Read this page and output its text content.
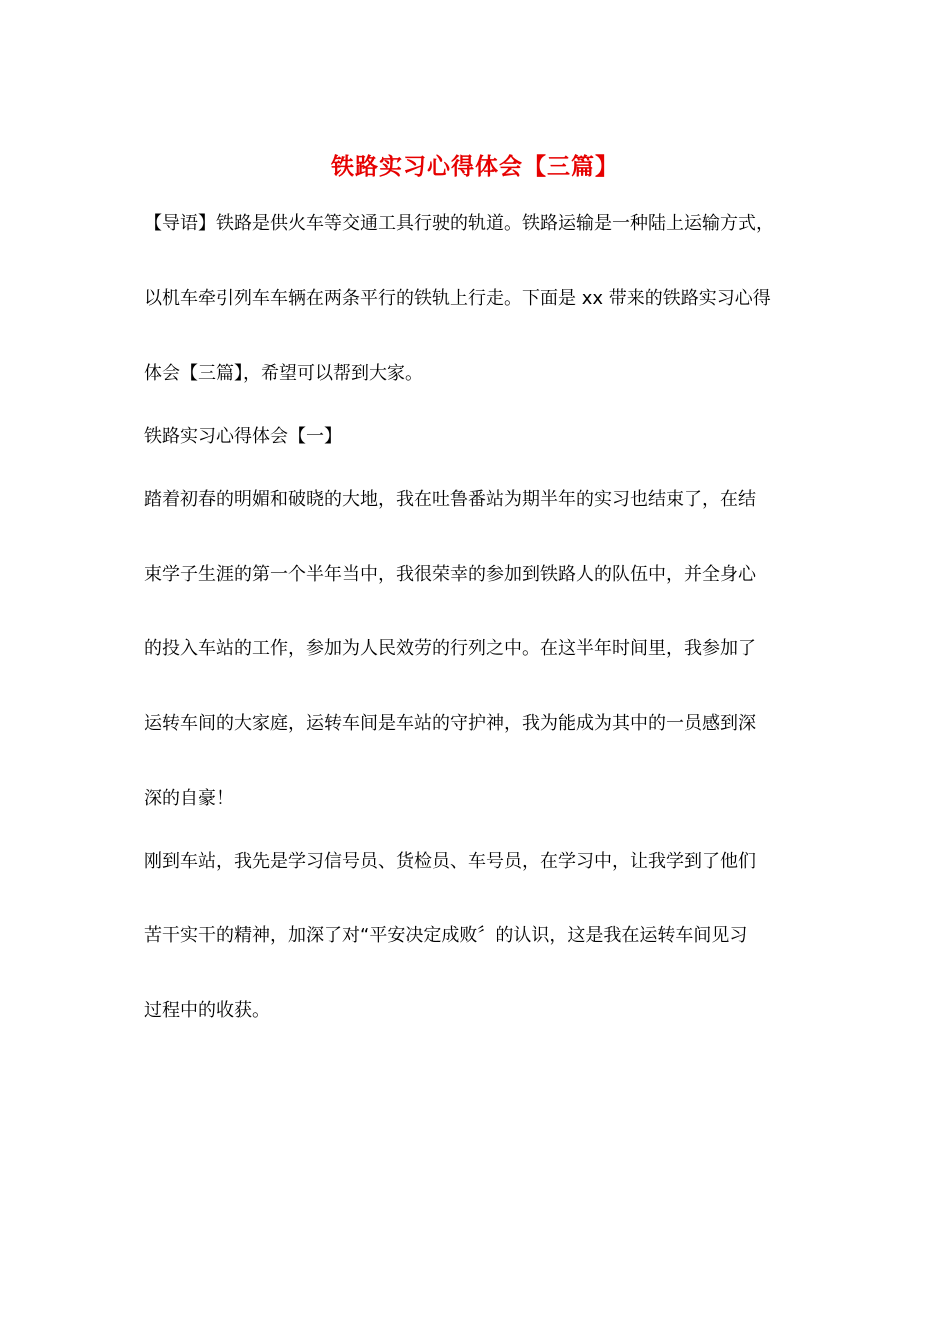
铁路实习心得体会【三篇】
【导语】铁路是供火车等交通工具行驶的轨道。铁路运输是一种陆上运输方式，
以机车牵引列车车辆在两条平行的铁轨上行走。下面是 xx 带来的铁路实习心得
体会【三篇】，希望可以帮到大家。
铁路实习心得体会【一】
踏着初春的明媚和破晓的大地，我在吐鲁番站为期半年的实习也结束了，在结
束学子生涯的第一个半年当中，我很荣幸的参加到铁路人的队伍中，并全身心
的投入车站的工作，参加为人民效劳的行列之中。在这半年时间里，我参加了
运转车间的大家庭，运转车间是车站的守护神，我为能成为其中的一员感到深
深的自豪！
刚到车站，我先是学习信号员、货检员、车号员，在学习中，让我学到了他们
苦干实干的精神，加深了对“平安决定成败〞的认识，这是我在运转车间见习
过程中的收获。
